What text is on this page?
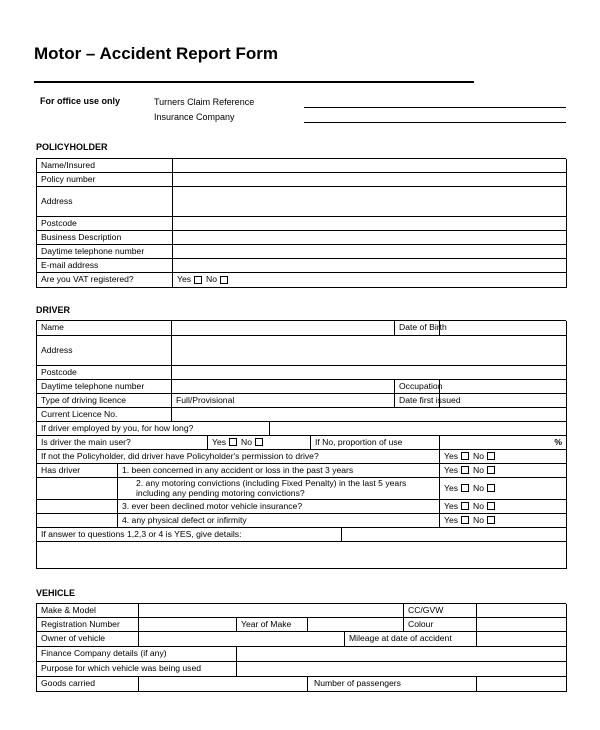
Motor – Accident Report Form
For office use only	Turners Claim Reference
Insurance Company
POLICYHOLDER
Name/Insured
Policy number
Address
Postcode
Business Description
Daytime telephone number
E-mail address
Are you VAT registered?	Yes No
DRIVER
Name	Date of Birth
Address
Postcode
Daytime telephone number	Occupation
Type of driving licence	Full/Provisional	Date first issued
Current Licence No.
If driver employed by you, for how long?
Is driver the main user?	Yes No	If No, proportion of use	%
If not the Policyholder, did driver have Policyholder's permission to drive?	Yes No
Has driver	1. been concerned in any accident or loss in the past 3 years	Yes No
2. any motoring convictions (including Fixed Penalty) in the last 5 years including any pending motoring convictions?	Yes No
3. ever been declined motor vehicle insurance?	Yes No
4. any physical defect or infirmity	Yes No
If answer to questions 1,2,3 or 4 is YES, give details:
VEHICLE
Make & Model	CC/GVW
Registration Number	Year of Make	Colour
Owner of vehicle	Mileage at date of accident
Finance Company details (if any)
Purpose for which vehicle was being used
Goods carried	Number of passengers
